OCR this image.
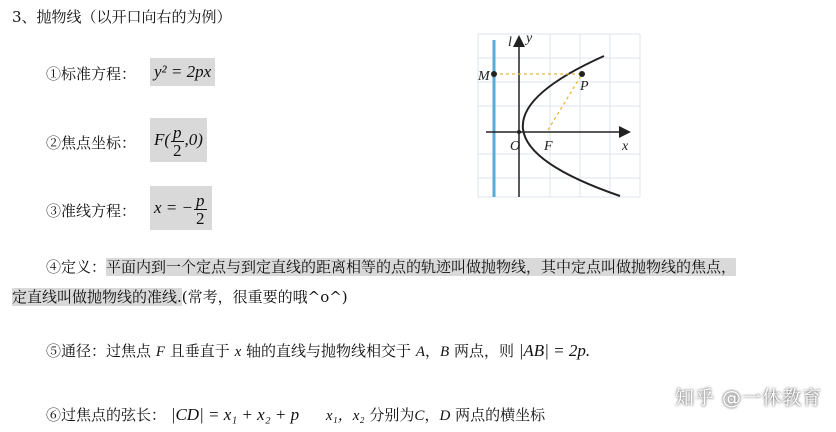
3、抛物线（以开口向右的为例）
①标准方程： y² = 2px
②焦点坐标： $F( \frac{p}{2} ,0)$
③准线方程： x = − $\frac{p}{2}$
④定义：平面内到一个定点与到定直线的距离相等的点的轨迹叫做抛物线，其中定点叫做抛物线的焦点，
定直线叫做抛物线的准线.(常考，很重要的哦^o^)
⑤通径：过焦点 F 且垂直于 x 轴的直线与抛物线相交于 A，B 两点，则 |AB| = 2p.
⑥过焦点的弦长： |CD| = x₁ + x₂ + p x₁，x₂ 分别为C，D 两点的横坐标
l y
M
P
O F	x
知乎 @一休教育
